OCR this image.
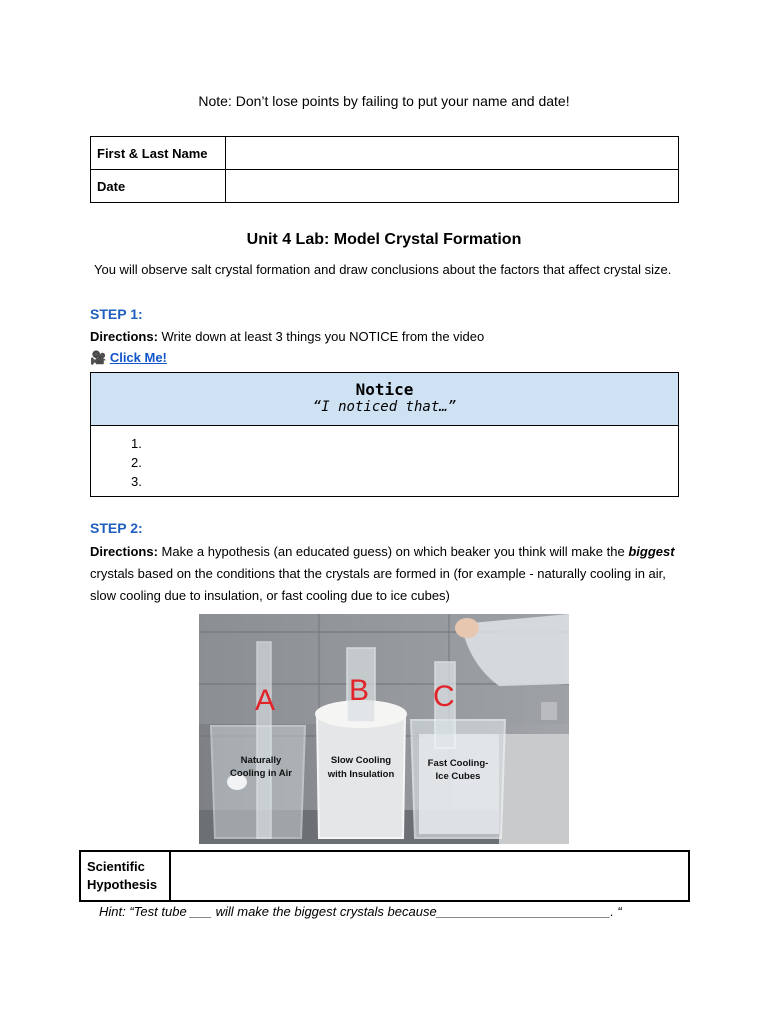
Note: Don’t lose points by failing to put your name and date!
First & Last Name	
Date	
Unit 4 Lab: Model Crystal Formation
You will observe salt crystal formation and draw conclusions about the factors that affect crystal size.
STEP 1:
Directions: Write down at least 3 things you NOTICE from the video
🎥 Click Me!
Notice
“I noticed that…”
1.
2.
3.
STEP 2:
Directions: Make a hypothesis (an educated guess) on which beaker you think will make the biggest crystals based on the conditions that the crystals are formed in (for example - naturally cooling in air, slow cooling due to insulation, or fast cooling due to ice cubes)
A B C
Naturally
Cooling in Air
Slow Cooling
with Insulation
Fast Cooling-
Ice Cubes
Scientific
Hypothesis	
Hint: “Test tube ___ will make the biggest crystals because________________________. “
